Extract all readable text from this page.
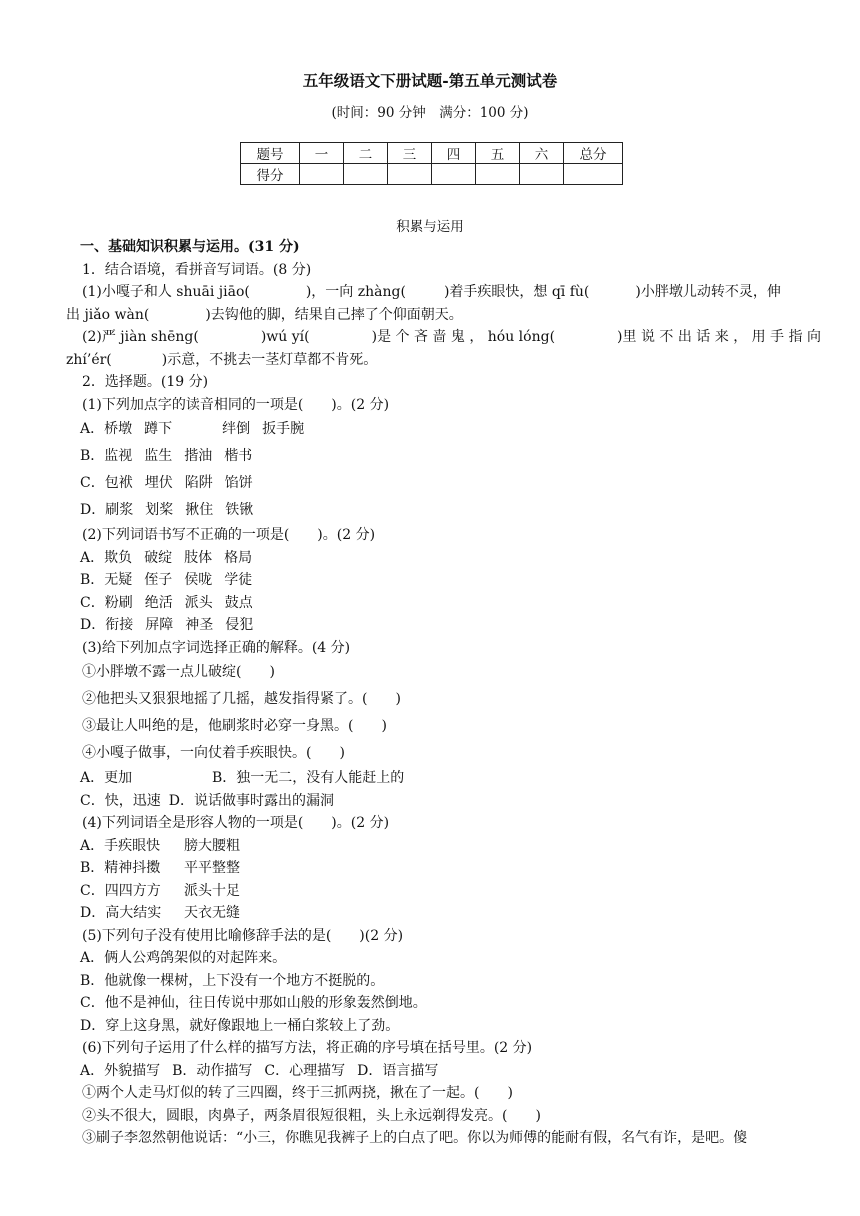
五年级语文下册试题-第五单元测试卷
(时间：90 分钟　满分：100 分)
题号	一	二	三	四	五	六	总分
得分							
积累与运用
一、基础知识积累与运用。(31 分)
1．结合语境，看拼音写词语。(8 分)
(1)小嘎子和人 shuāi jiāo(	)，一向 zhàng(	)着手疾眼快，想 qī fù(	)小胖墩儿动转不灵，伸
出 jiǎo wàn(	)去钩他的脚，结果自己摔了个仰面朝天。
(2)严 jiàn shēng(	)wú yí(	)是 个 吝 啬 鬼 ， hóu lóng(	)里 说 不 出 话 来 ， 用 手 指 向
zhí’ér(	)示意，不挑去一茎灯草都不肯死。
2．选择题。(19 分)
(1)下列加点字的读音相同的一项是(　　)。(2 分)
A．桥墩 蹲下	绊倒 扳手腕
B．监视 监生 揩油 楷书
C．包袱 埋伏 陷阱 馅饼
D．刷浆 划桨 揪住 铁锹
(2)下列词语书写不正确的一项是(　　)。(2 分)
A．欺负 破绽 肢体 格局
B．无疑 侄子 侯咙 学徒
C．粉刷 绝活 派头 鼓点
D．衔接 屏障 神圣 侵犯
(3)给下列加点字词选择正确的解释。(4 分)
①小胖墩不露一点儿破绽(　　)
②他把头又狠狠地摇了几摇，越发指得紧了。(　　)
③最让人叫绝的是，他刷浆时必穿一身黑。(　　)
④小嘎子做事，一向仗着手疾眼快。(　　)
A．更加	B．独一无二，没有人能赶上的
C．快，迅速 D．说话做事时露出的漏洞
(4)下列词语全是形容人物的一项是(　　)。(2 分)
A．手疾眼快 膀大腰粗
B．精神抖擞 平平整整
C．四四方方 派头十足
D．高大结实 天衣无缝
(5)下列句子没有使用比喻修辞手法的是(　　)(2 分)
A．俩人公鸡鸽架似的对起阵来。
B．他就像一棵树，上下没有一个地方不挺脱的。
C．他不是神仙，往日传说中那如山般的形象轰然倒地。
D．穿上这身黑，就好像跟地上一桶白浆较上了劲。
(6)下列句子运用了什么样的描写方法，将正确的序号填在括号里。(2 分)
A．外貌描写 B．动作描写 C．心理描写 D．语言描写
①两个人走马灯似的转了三四圈，终于三抓两挠，揪在了一起。(　　)
②头不很大，圆眼，肉鼻子，两条眉很短很粗，头上永远剃得发亮。(　　)
③刷子李忽然朝他说话：“小三，你瞧见我裤子上的白点了吧。你以为师傅的能耐有假，名气有诈，是吧。傻
